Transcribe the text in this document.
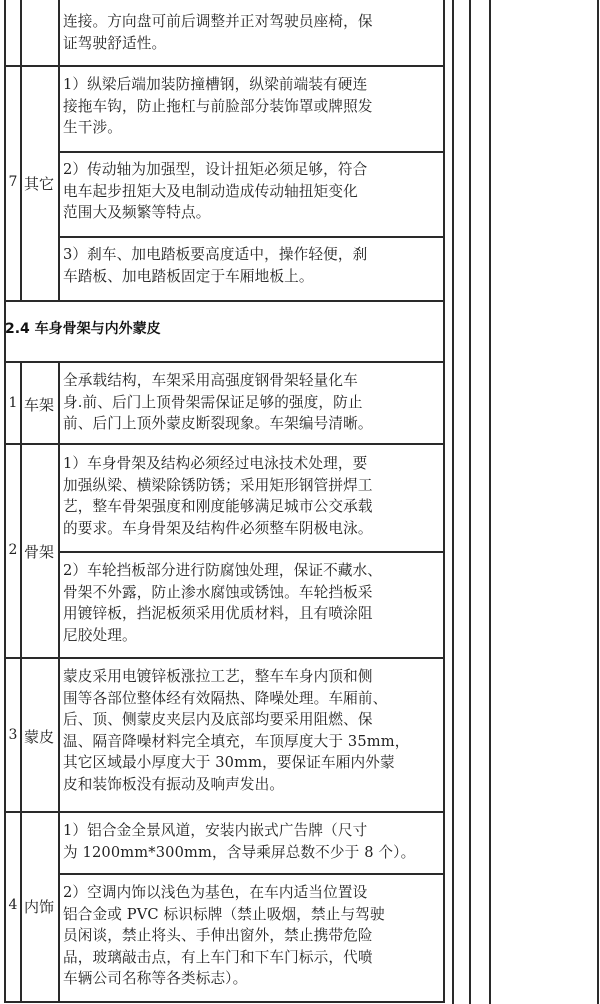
连接。方向盘可前后调整并正对驾驶员座椅，保
证驾驶舒适性。
7 其它
1）纵梁后端加装防撞槽钢，纵梁前端装有硬连
接拖车钩，防止拖杠与前脸部分装饰罩或牌照发
生干涉。
2）传动轴为加强型，设计扭矩必须足够，符合
电车起步扭矩大及电制动造成传动轴扭矩变化
范围大及频繁等特点。
3）刹车、加电踏板要高度适中，操作轻便，刹
车踏板、加电踏板固定于车厢地板上。
2.4 车身骨架与内外蒙皮
1 车架
全承载结构，车架采用高强度钢骨架轻量化车
身.前、后门上顶骨架需保证足够的强度，防止
前、后门上顶外蒙皮断裂现象。车架编号清晰。
2 骨架
1）车身骨架及结构必须经过电泳技术处理，要
加强纵梁、横梁除锈防锈；采用矩形钢管拼焊工
艺，整车骨架强度和刚度能够满足城市公交承载
的要求。车身骨架及结构件必须整车阴极电泳。
2）车轮挡板部分进行防腐蚀处理，保证不藏水、
骨架不外露，防止渗水腐蚀或锈蚀。车轮挡板采
用镀锌板，挡泥板须采用优质材料，且有喷涂阻
尼胶处理。
3 蒙皮
蒙皮采用电镀锌板涨拉工艺，整车车身内顶和侧
围等各部位整体经有效隔热、降噪处理。车厢前、
后、顶、侧蒙皮夹层内及底部均要采用阻燃、保
温、隔音降噪材料完全填充，车顶厚度大于 35mm，
其它区域最小厚度大于 30mm，要保证车厢内外蒙
皮和装饰板没有振动及响声发出。
4 内饰
1）铝合金全景风道，安装内嵌式广告牌（尺寸
为 1200mm*300mm，含导乘屏总数不少于 8 个）。
2）空调内饰以浅色为基色，在车内适当位置设
铝合金或 PVC 标识标牌（禁止吸烟，禁止与驾驶
员闲谈，禁止将头、手伸出窗外，禁止携带危险
品，玻璃敲击点，有上车门和下车门标示，代喷
车辆公司名称等各类标志）。
